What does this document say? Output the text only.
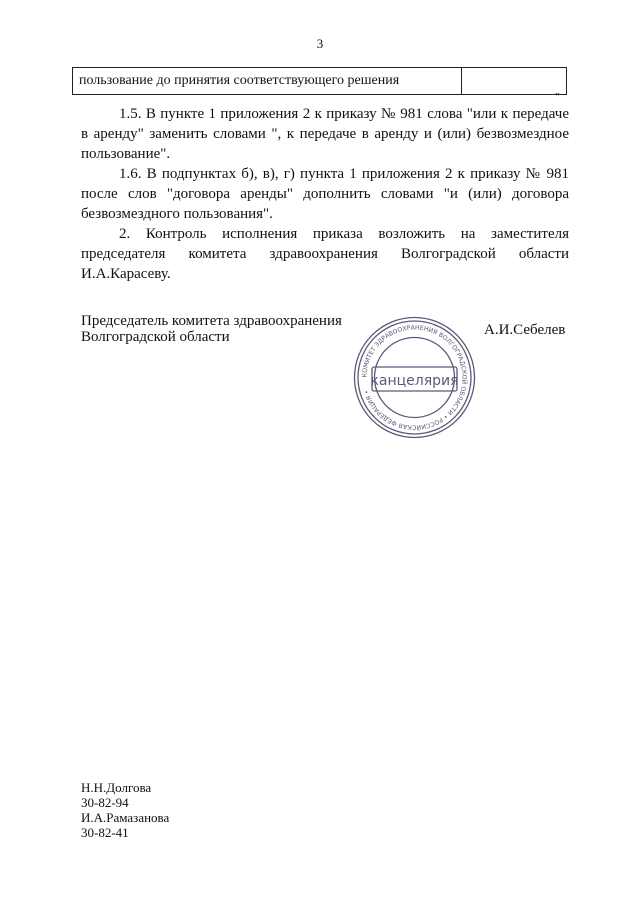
3
пользование до принятия соответствующего решения	
"

1.5. В пункте 1 приложения 2 к приказу № 981 слова "или к передаче в аренду" заменить словами ", к передаче в аренду и (или) безвозмездное пользование".

1.6. В подпунктах б), в), г) пункта 1 приложения 2 к приказу № 981 после слов "договора аренды" дополнить словами "и (или) договора безвозмездного пользования".

2. Контроль исполнения приказа возложить на заместителя председателя комитета здравоохранения Волгоградской области И.А.Карасеву.

Председатель комитета здравоохранения
Волгоградской области
КОМИТЕТ ЗДРАВООХРАНЕНИЯ ВОЛГОГРАДСКОЙ ОБЛАСТИ • РОССИЙСКАЯ ФЕДЕРАЦИЯ •
канцелярия
А.И.Себелев
Н.Н.Долгова
30-82-94
И.А.Рамазанова
30-82-41
